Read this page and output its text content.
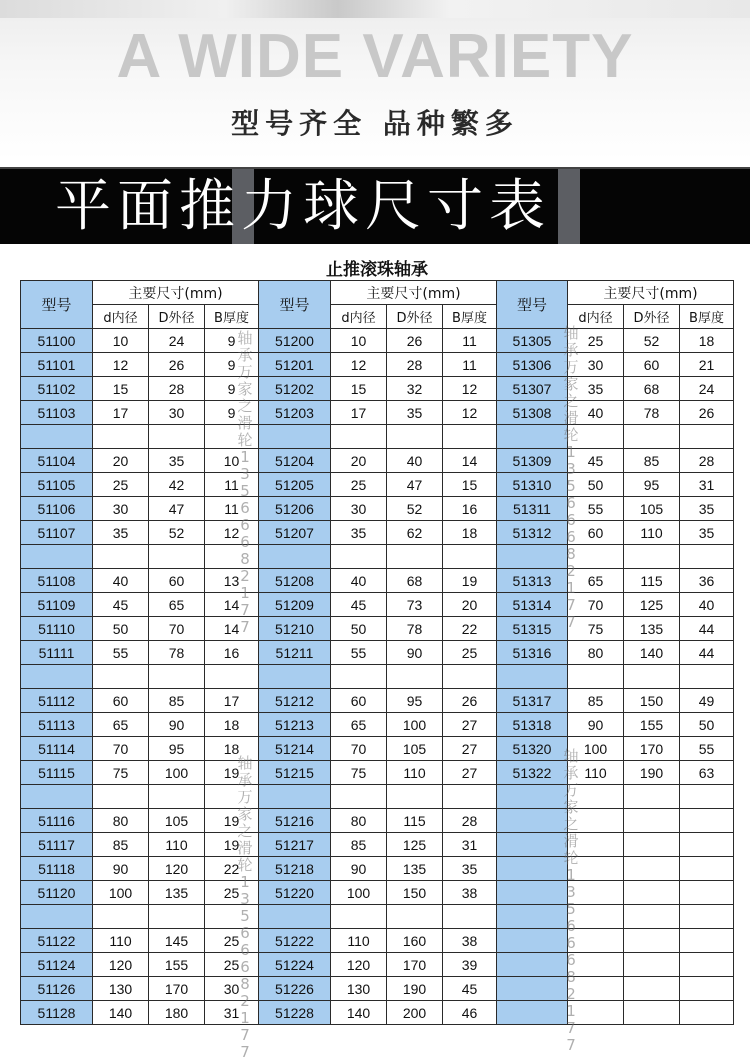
A WIDE VARIETY
型号齐全 品种繁多
平面推力球尺寸表
止推滚珠轴承											
型号	主要尺寸(mm)			型号	主要尺寸(mm)			型号	主要尺寸(mm)		
	d内径	D外径	B厚度		d内径	D外径	B厚度		d内径	D外径	B厚度
51100	10	24	9	51200	10	26	11	51305	25	52	18
51101	12	26	9	51201	12	28	11	51306	30	60	21
51102	15	28	9	51202	15	32	12	51307	35	68	24
51103	17	30	9	51203	17	35	12	51308	40	78	26

51104	20	35	10	51204	20	40	14	51309	45	85	28
51105	25	42	11	51205	25	47	15	51310	50	95	31
51106	30	47	11	51206	30	52	16	51311	55	105	35
51107	35	52	12	51207	35	62	18	51312	60	110	35

51108	40	60	13	51208	40	68	19	51313	65	115	36
51109	45	65	14	51209	45	73	20	51314	70	125	40
51110	50	70	14	51210	50	78	22	51315	75	135	44
51111	55	78	16	51211	55	90	25	51316	80	140	44

51112	60	85	17	51212	60	95	26	51317	85	150	49
51113	65	90	18	51213	65	100	27	51318	90	155	50
51114	70	95	18	51214	70	105	27	51320	100	170	55
51115	75	100	19	51215	75	110	27	51322	110	190	63

51116	80	105	19	51216	80	115	28				
51117	85	110	19	51217	85	125	31				
51118	90	120	22	51218	90	135	35				
51120	100	135	25	51220	100	150	38				

51122	110	145	25	51222	110	160	38				
51124	120	155	25	51224	120	170	39				
51126	130	170	30	51226	130	190	45				
51128	140	180	31	51228	140	200	46				
轴承万家之滑轮13566682177
轴承万家之滑轮13566682177
轴承万家之滑轮13566682177
轴承万家之滑轮13566682177
